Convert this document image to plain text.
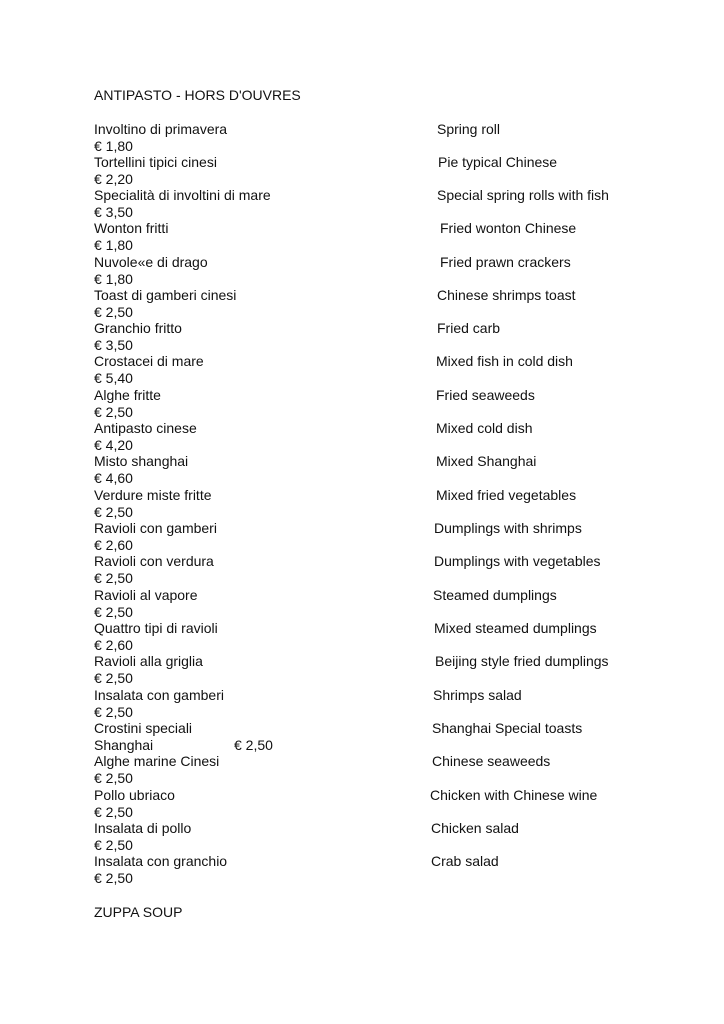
ANTIPASTO - HORS D'OUVRES
Involtino di primavera	Spring roll
€ 1,80
Tortellini tipici cinesi	Pie typical Chinese
€ 2,20
Specialità di involtini di mare	Special spring rolls with fish
€ 3,50
Wonton fritti	Fried wonton Chinese
€ 1,80
Nuvole«e di drago	Fried prawn crackers
€ 1,80
Toast di gamberi cinesi	Chinese shrimps toast
€ 2,50
Granchio fritto	Fried carb
€ 3,50
Crostacei di mare	Mixed fish in cold dish
€ 5,40
Alghe fritte	Fried seaweeds
€ 2,50
Antipasto cinese	Mixed cold dish
€ 4,20
Misto shanghai	Mixed Shanghai
€ 4,60
Verdure miste fritte	Mixed fried vegetables
€ 2,50
Ravioli con gamberi	Dumplings with shrimps
€ 2,60
Ravioli con verdura	Dumplings with vegetables
€ 2,50
Ravioli al vapore	Steamed dumplings
€ 2,50
Quattro tipi di ravioli	Mixed steamed dumplings
€ 2,60
Ravioli alla griglia	Beijing style fried dumplings
€ 2,50
Insalata con gamberi	Shrimps salad
€ 2,50
Crostini speciali	Shanghai Special toasts
Shanghai	€ 2,50
Alghe marine Cinesi	Chinese seaweeds
€ 2,50
Pollo ubriaco	Chicken with Chinese wine
€ 2,50
Insalata di pollo	Chicken salad
€ 2,50
Insalata con granchio	Crab salad
€ 2,50
ZUPPA SOUP
